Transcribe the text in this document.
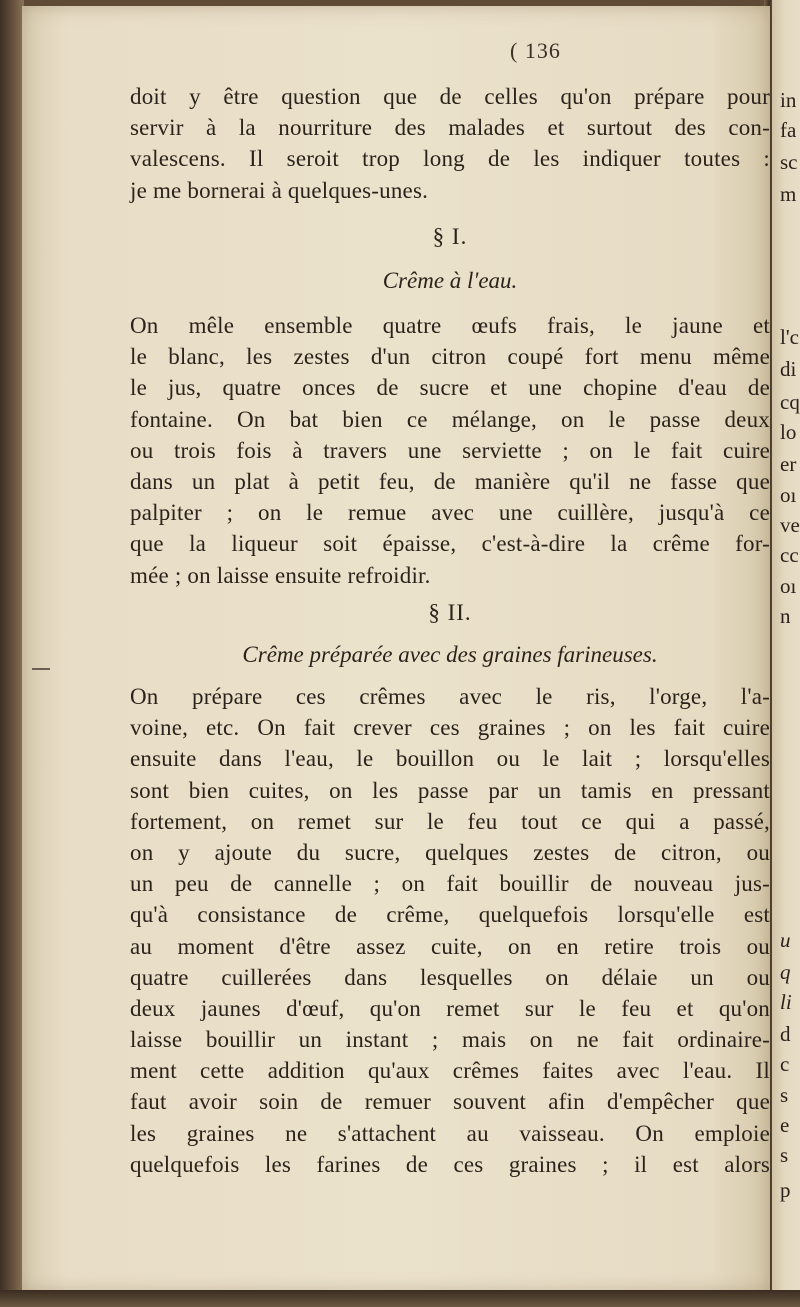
in
fa
sc
m
l'c
di
cq
lo
er
oı
ve
cc
oı
n
u
q
li
d
c
s
e
s
p
( 136
doit y être question que de celles qu'on prépare pour
servir à la nourriture des malades et surtout des con-
valescens. Il seroit trop long de les indiquer toutes :
je me bornerai à quelques-unes.
§ I.
Crême à l'eau.
On mêle ensemble quatre œufs frais, le jaune et
le blanc, les zestes d'un citron coupé fort menu même
le jus, quatre onces de sucre et une chopine d'eau de
fontaine. On bat bien ce mélange, on le passe deux
ou trois fois à travers une serviette ; on le fait cuire
dans un plat à petit feu, de manière qu'il ne fasse que
palpiter ; on le remue avec une cuillère, jusqu'à ce
que la liqueur soit épaisse, c'est-à-dire la crême for-
mée ; on laisse ensuite refroidir.
§ II.
Crême préparée avec des graines farineuses.
On prépare ces crêmes avec le ris, l'orge, l'a-
voine, etc. On fait crever ces graines ; on les fait cuire
ensuite dans l'eau, le bouillon ou le lait ; lorsqu'elles
sont bien cuites, on les passe par un tamis en pressant
fortement, on remet sur le feu tout ce qui a passé,
on y ajoute du sucre, quelques zestes de citron, ou
un peu de cannelle ; on fait bouillir de nouveau jus-
qu'à consistance de crême, quelquefois lorsqu'elle est
au moment d'être assez cuite, on en retire trois ou
quatre cuillerées dans lesquelles on délaie un ou
deux jaunes d'œuf, qu'on remet sur le feu et qu'on
laisse bouillir un instant ; mais on ne fait ordinaire-
ment cette addition qu'aux crêmes faites avec l'eau. Il
faut avoir soin de remuer souvent afin d'empêcher que
les graines ne s'attachent au vaisseau. On emploie
quelquefois les farines de ces graines ; il est alors
